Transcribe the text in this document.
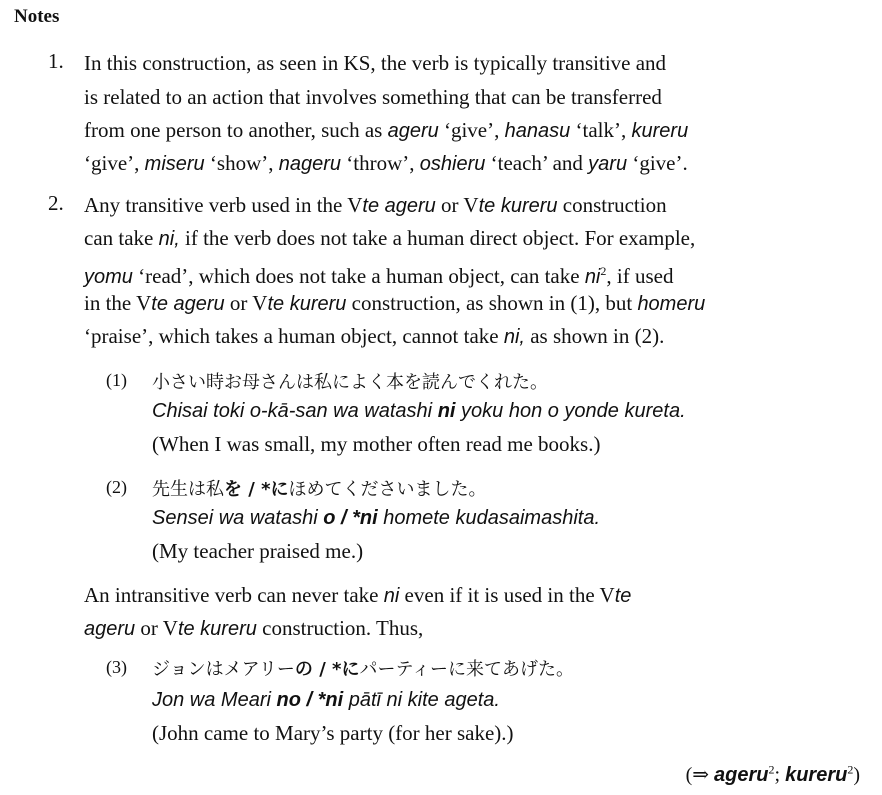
Notes
1. In this construction, as seen in KS, the verb is typically transitive and
is related to an action that involves something that can be transferred
from one person to another, such as ageru ‘give’, hanasu ‘talk’, kureru
‘give’, miseru ‘show’, nageru ‘throw’, oshieru ‘teach’ and yaru ‘give’.
2. Any transitive verb used in the Vte ageru or Vte kureru construction
can take ni, if the verb does not take a human direct object. For example,
yomu ‘read’, which does not take a human object, can take $ni^2$, if used
in the Vte ageru or Vte kureru construction, as shown in (1), but homeru
‘praise’, which takes a human object, cannot take ni, as shown in (2).
(1) 小さい時お母さんは私によく本を読んでくれた。
Chisai toki o-kā-san wa watashi ni yoku hon o yonde kureta.
(When I was small, my mother often read me books.)
(2) 先生は私を / *にほめてくださいました。
Sensei wa watashi o / *ni homete kudasaimashita.
(My teacher praised me.)
An intransitive verb can never take ni even if it is used in the Vte
ageru or Vte kureru construction. Thus,
(3) ジョンはメアリーの / *にパーティーに来てあげた。
Jon wa Meari no / *ni pātī ni kite ageta.
(John came to Mary’s party (for her sake).)
(⇒ ageru$^2$; kureru$^2$)
